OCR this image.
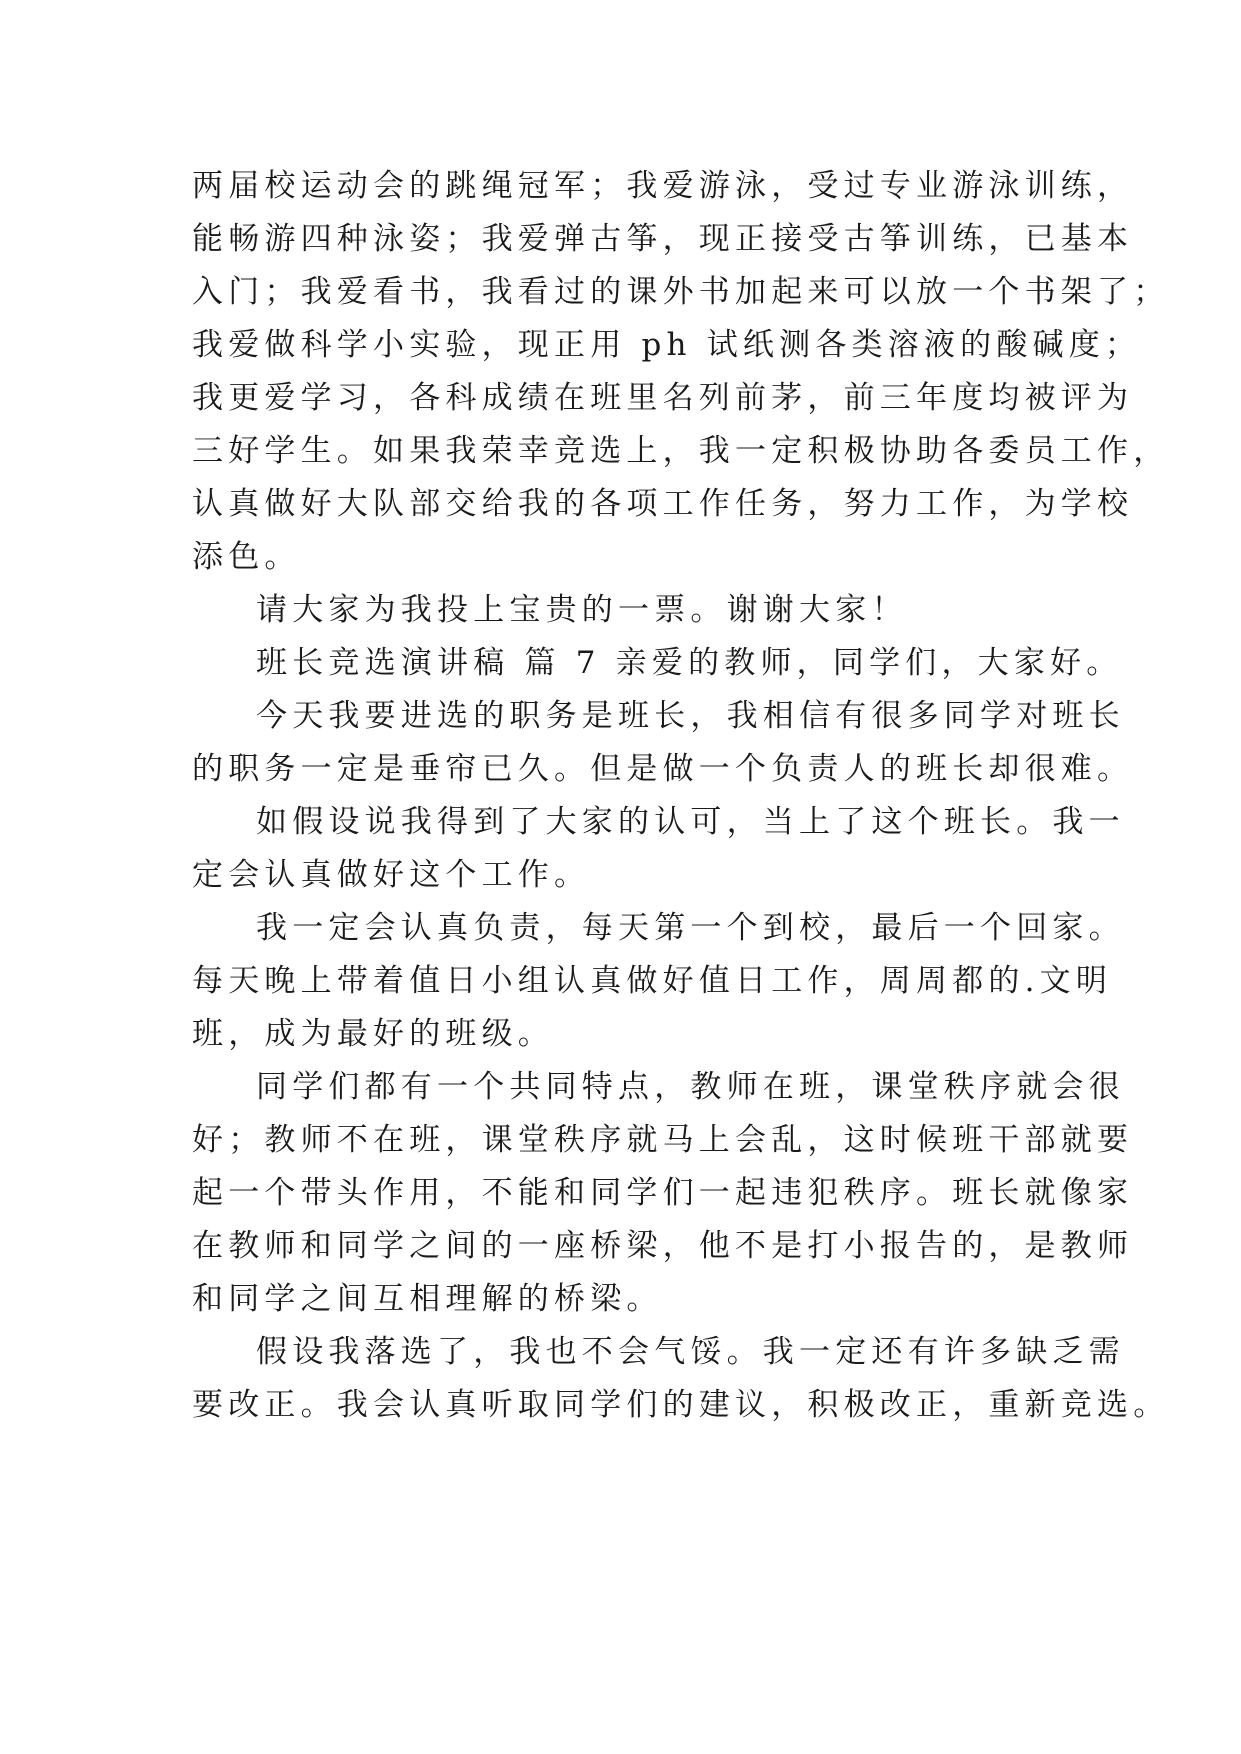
两届校运动会的跳绳冠军；我爱游泳，受过专业游泳训练，
能畅游四种泳姿；我爱弹古筝，现正接受古筝训练，已基本
入门；我爱看书，我看过的课外书加起来可以放一个书架了；
我爱做科学小实验，现正用 ph 试纸测各类溶液的酸碱度；
我更爱学习，各科成绩在班里名列前茅，前三年度均被评为
三好学生。如果我荣幸竞选上，我一定积极协助各委员工作，
认真做好大队部交给我的各项工作任务，努力工作，为学校
添色。
请大家为我投上宝贵的一票。谢谢大家！
班长竞选演讲稿 篇 7 亲爱的教师，同学们，大家好。
今天我要进选的职务是班长，我相信有很多同学对班长
的职务一定是垂帘已久。但是做一个负责人的班长却很难。
如假设说我得到了大家的认可，当上了这个班长。我一
定会认真做好这个工作。
我一定会认真负责，每天第一个到校，最后一个回家。
每天晚上带着值日小组认真做好值日工作，周周都的.文明
班，成为最好的班级。
同学们都有一个共同特点，教师在班，课堂秩序就会很
好；教师不在班，课堂秩序就马上会乱，这时候班干部就要
起一个带头作用，不能和同学们一起违犯秩序。班长就像家
在教师和同学之间的一座桥梁，他不是打小报告的，是教师
和同学之间互相理解的桥梁。
假设我落选了，我也不会气馁。我一定还有许多缺乏需
要改正。我会认真听取同学们的建议，积极改正，重新竞选。
